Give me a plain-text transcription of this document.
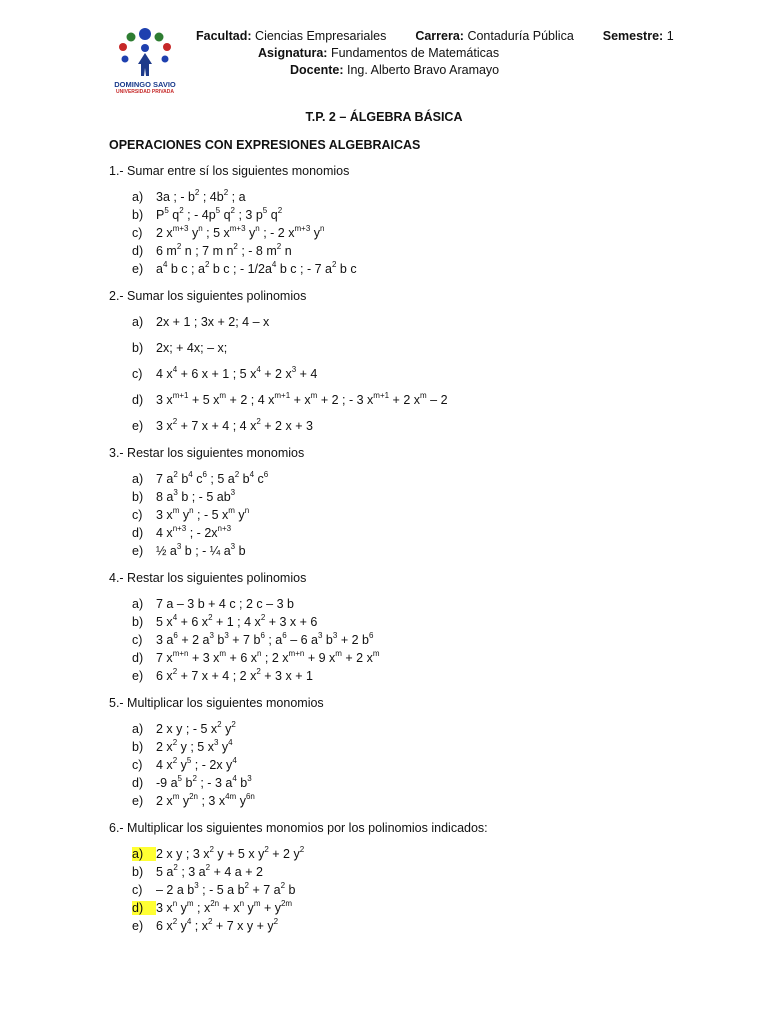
DOMINGO SAVIO
UNIVERSIDAD PRIVADA
Facultad: Ciencias Empresariales Carrera: Contaduría Pública Semestre: 1
Asignatura: Fundamentos de Matemáticas
Docente: Ing. Alberto Bravo Aramayo
T.P. 2 – ÁLGEBRA BÁSICA
OPERACIONES CON EXPRESIONES ALGEBRAICAS
1.- Sumar entre sí los siguientes monomios
a) 3a ; - $b^2$ ; $4b^2$ ; a
b) $P^5$ $q^2$ ; - $4p^5$ $q^2$ ; 3 $p^5$ $q^2$
c) 2 $x^{m+3}$ $y^n$ ; 5 $x^{m+3}$ $y^n$ ; - 2 $x^{m+3}$ $y^n$
d) 6 $m^2$ n ; 7 m $n^2$ ; - 8 $m^2$ n
e) $a^4$ b c ; $a^2$ b c ; - $1/2a^4$ b c ; - 7 $a^2$ b c
2.- Sumar los siguientes polinomios
a) 2x + 1 ; 3x + 2; 4 – x
b) 2x; + 4x; – x;
c) 4 $x^4 + 6$ x + 1 ; 5 $x^4 + 2$ $x^3 + 4$
d) 3 $x^{m+1} + 5$ $x^m + 2$ ; 4 $x^{m+1} + x^m + 2$ ; - 3 $x^{m+1} + 2$ $x^m - 2$
e) 3 $x^2 + 7$ x + 4 ; 4 $x^2 + 2$ x + 3
3.- Restar los siguientes monomios
a) 7 $a^2$ $b^4$ $c^6$ ; 5 $a^2$ $b^4$ $c^6$
b) 8 $a^3$ b ; - 5 $ab^3$
c) 3 $x^m$ $y^n$ ; - 5 $x^m$ $y^n$
d) 4 $x^{n+3}$ ; - $2x^{n+3}$
e) ½ $a^3$ b ; - ¼ $a^3$ b
4.- Restar los siguientes polinomios
a) 7 a – 3 b + 4 c ; 2 c – 3 b
b) 5 $x^4 + 6$ $x^2 + 1$ ; 4 $x^2 + 3$ x + 6
c) 3 $a^6 + 2$ $a^3$ $b^3 + 7$ $b^6$ ; $a^6 - 6$ $a^3$ $b^3 + 2$ $b^6$
d) 7 $x^{m+n} + 3$ $x^m + 6$ $x^n$ ; 2 $x^{m+n} + 9$ $x^m + 2$ $x^m$
e) 6 $x^2 + 7$ x + 4 ; 2 $x^2 + 3$ x + 1
5.- Multiplicar los siguientes monomios
a) 2 x y ; - 5 $x^2$ $y^2$
b) 2 $x^2$ y ; 5 $x^3$ $y^4$
c) 4 $x^2$ $y^5$ ; - 2x $y^4$
d) -9 $a^5$ $b^2$ ; - 3 $a^4$ $b^3$
e) 2 $x^m$ $y^{2n}$ ; 3 $x^{4m}$ $y^{6n}$
6.- Multiplicar los siguientes monomios por los polinomios indicados:
a) 2 x y ; 3 $x^2$ y + 5 x $y^2 + 2$ $y^2$
b) 5 $a^2$ ; 3 $a^2 + 4$ a + 2
c) – 2 a $b^3$ ; - 5 a $b^2 + 7$ $a^2$ b
d) 3 $x^n$ $y^m$ ; $x^{2n} + x^n$ $y^m + y^{2m}$
e) 6 $x^2$ $y^4$ ; $x^2 + 7$ x $y + y^2$
